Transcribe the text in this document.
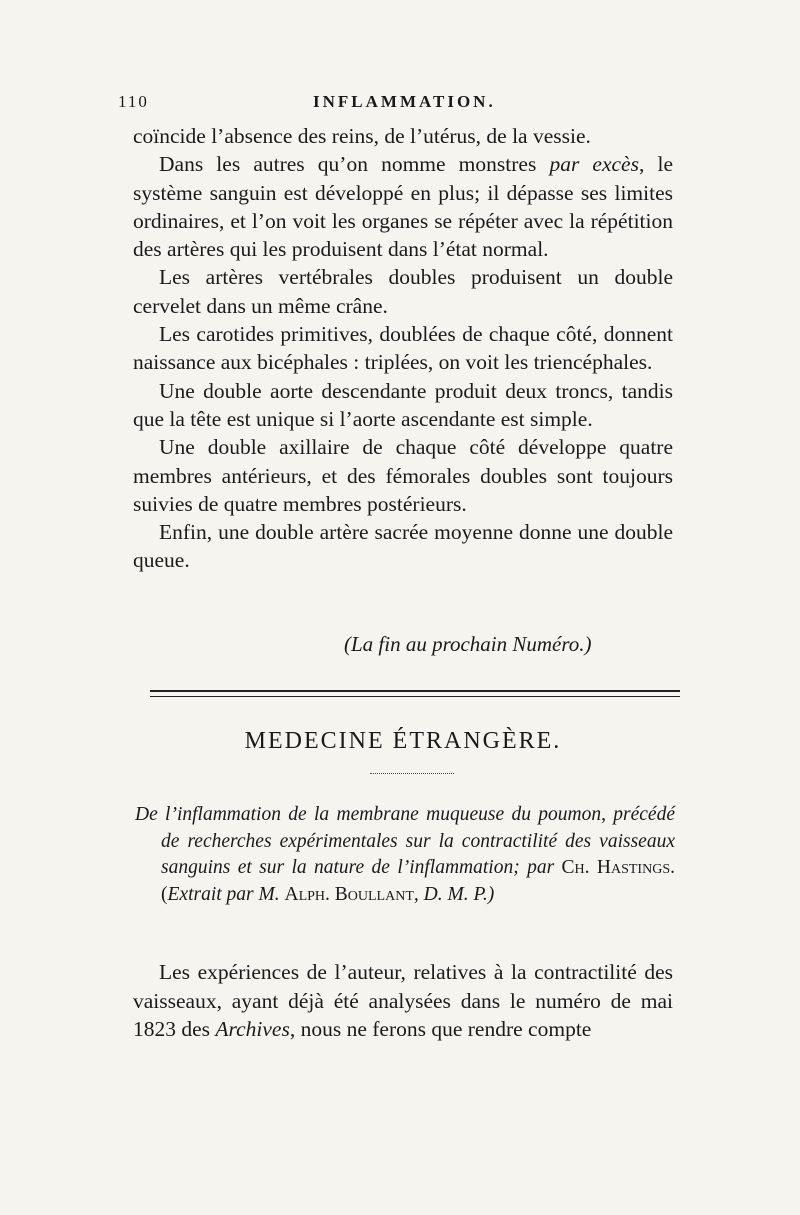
110	INFLAMMATION.

coïncide l’absence des reins, de l’utérus, de la vessie.

Dans les autres qu’on nomme monstres par excès, le système sanguin est développé en plus; il dépasse ses limites ordinaires, et l’on voit les organes se répéter avec la répétition des artères qui les produisent dans l’état normal.

Les artères vertébrales doubles produisent un double cervelet dans un même crâne.

Les carotides primitives, doublées de chaque côté, donnent naissance aux bicéphales : triplées, on voit les triencéphales.

Une double aorte descendante produit deux troncs, tandis que la tête est unique si l’aorte ascendante est simple.

Une double axillaire de chaque côté développe quatre membres antérieurs, et des fémorales doubles sont toujours suivies de quatre membres postérieurs.

Enfin, une double artère sacrée moyenne donne une double queue.

(La fin au prochain Numéro.)
MEDECINE ÉTRANGÈRE.

De l’inflammation de la membrane muqueuse du poumon, précédé de recherches expérimentales sur la contractilité des vaisseaux sanguins et sur la nature de l’inflammation; par Ch. Hastings. (Extrait par M. Alph. Boullant, D. M. P.)

Les expériences de l’auteur, relatives à la contractilité des vaisseaux, ayant déjà été analysées dans le numéro de mai 1823 des Archives, nous ne ferons que rendre compte
